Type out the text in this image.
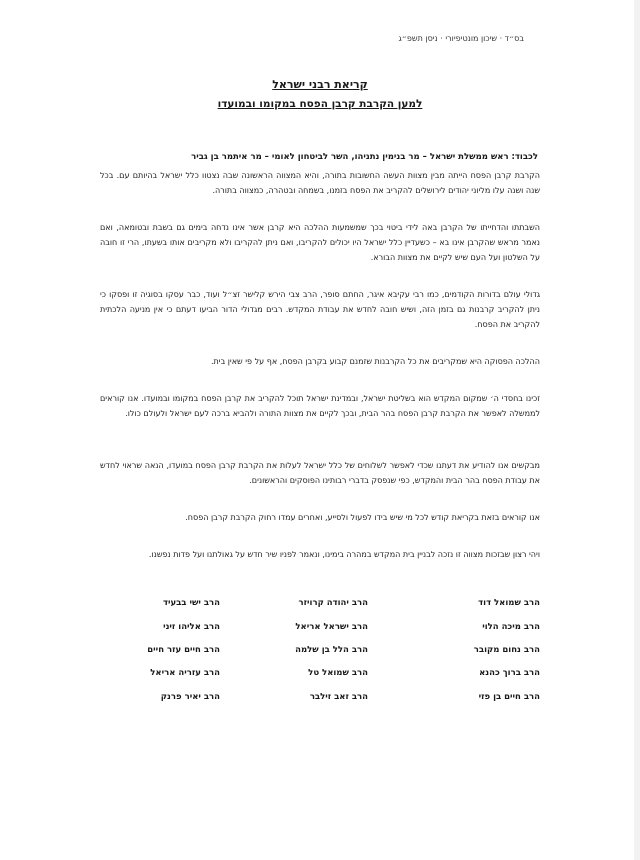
בס״ד · שיכון מונטיפיורי · ניסן תשפ״ג
קריאת רבני ישראל
למען הקרבת קרבן הפסח במקומו ובמועדו
לכבוד: ראש ממשלת ישראל – מר בנימין נתניהו, השר לביטחון לאומי – מר איתמר בן גביר
הקרבת קרבן הפסח הייתה מבין מצוות העשה החשובות בתורה, והיא המצווה הראשונה שבה נצטוו כלל ישראל בהיותם עם. בכל שנה ושנה עלו מליוני יהודים לירושלים להקריב את הפסח בזמנו, בשמחה ובטהרה, כמצווה בתורה.
השבתתו והדחייתו של הקרבן באה לידי ביטוי בכך שמשמעות ההלכה היא קרבן אשר אינו נדחה בימים גם בשבת ובטומאה, ואם נאמר מראש שהקרבן אינו בא – כשעדיין כלל ישראל היו יכולים להקריבו, ואם ניתן להקריבו ולא מקריבים אותו בשעתו, הרי זו חובה על השלטון ועל העם שיש לקיים את מצוות הבורא.
גדולי עולם בדורות הקודמים, כמו רבי עקיבא איגר, החתם סופר, הרב צבי הירש קלישר זצ״ל ועוד, כבר עסקו בסוגיה זו ופסקו כי ניתן להקריב קרבנות גם בזמן הזה, ושיש חובה לחדש את עבודת המקדש. רבים מגדולי הדור הביעו דעתם כי אין מניעה הלכתית להקריב את הפסח.
ההלכה הפסוקה היא שמקריבים את כל הקרבנות שזמנם קבוע בקרבן הפסח, אף על פי שאין בית.
זכינו בחסדי ה׳ שמקום המקדש הוא בשליטת ישראל, ובמדינת ישראל תוכל להקריב את קרבן הפסח במקומו ובמועדו. אנו קוראים לממשלה לאפשר את הקרבת קרבן הפסח בהר הבית, ובכך לקיים את מצוות התורה ולהביא ברכה לעם ישראל ולעולם כולו.
מבקשים אנו להודיע את דעתנו שכדי לאפשר לשלוחים של כלל ישראל לעלות את הקרבת קרבן הפסח במועדו, הנאה שראוי לחדש את עבודת הפסח בהר הבית והמקדש, כפי שנפסק בדברי רבותינו הפוסקים והראשונים.
אנו קוראים בזאת בקריאת קודש לכל מי שיש בידו לפעול ולסייע, ואחרים עמדו רחוק הקרבת קרבן הפסח.
ויהי רצון שבזכות מצווה זו נזכה לבניין בית המקדש במהרה בימינו, ונאמר לפניו שיר חדש על גאולתנו ועל פדות נפשנו.
הרב שמואל דוד
הרב יהודה קרויזר
הרב ישי בבעיד
הרב מיכה הלוי
הרב ישראל אריאל
הרב אליהו זיני
הרב נחום מקובר
הרב הלל בן שלמה
הרב חיים עזר חיים
הרב ברוך כהנא
הרב שמואל טל
הרב עזריה אריאל
הרב חיים בן פזי
הרב זאב זילבר
הרב יאיר פרנק
